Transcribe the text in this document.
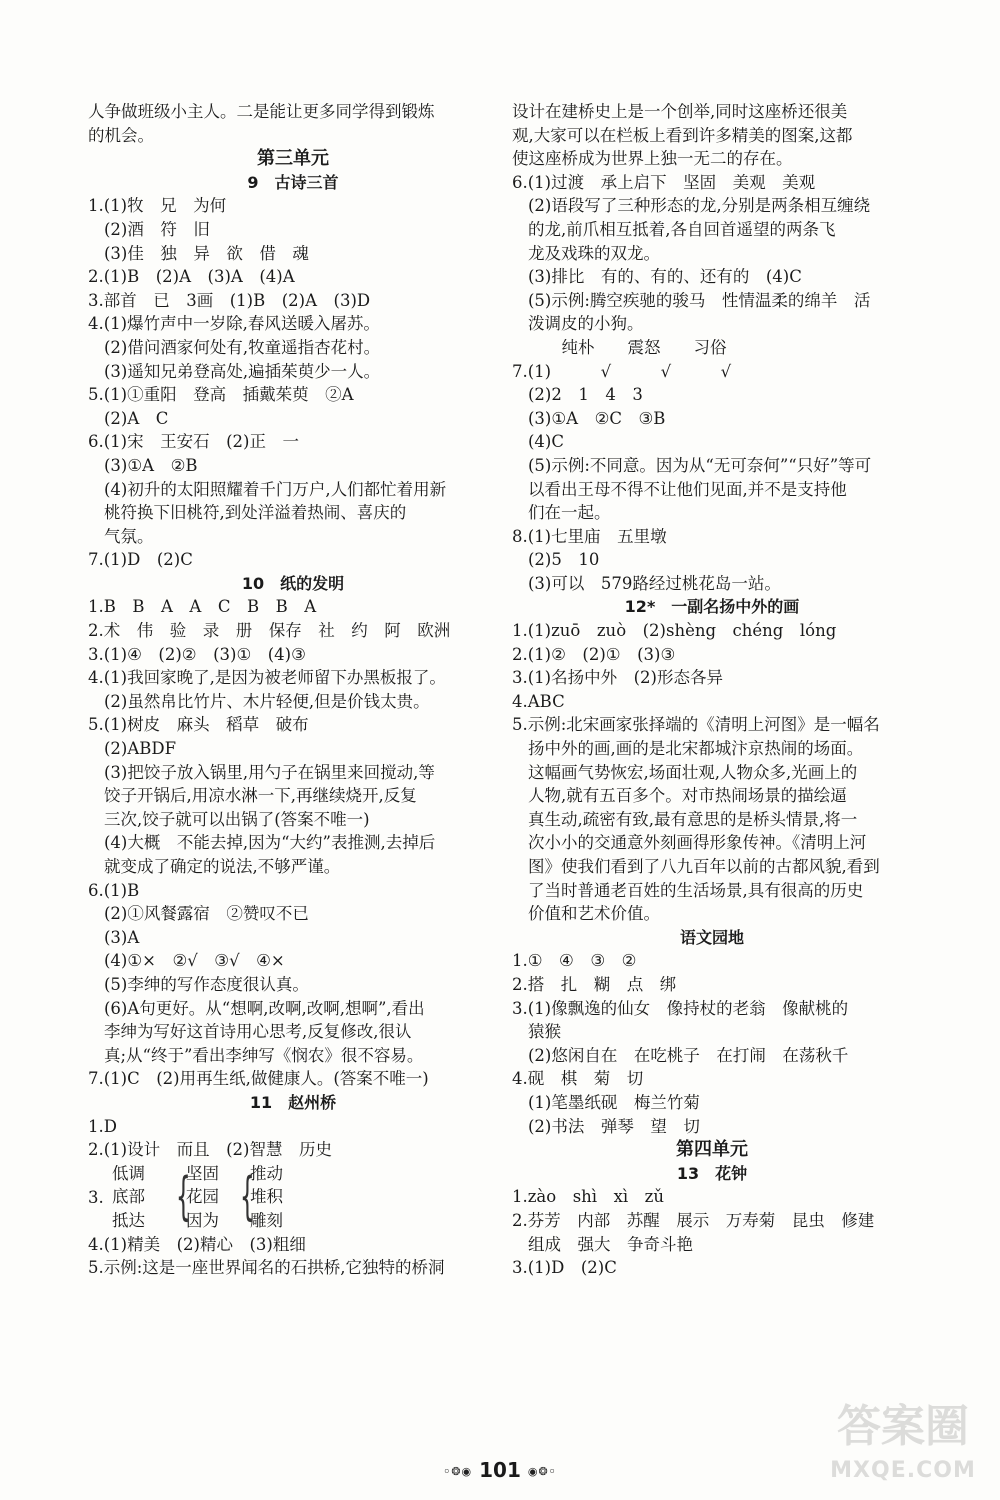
人争做班级小主人。二是能让更多同学得到锻炼
的机会。
第三单元
9　古诗三首
1.(1)牧　兄　为何
(2)酒　符　旧
(3)佳　独　异　欲　借　魂
2.(1)B　(2)A　(3)A　(4)A
3.部首　已　3画　(1)B　(2)A　(3)D
4.(1)爆竹声中一岁除,春风送暖入屠苏。
(2)借问酒家何处有,牧童遥指杏花村。
(3)遥知兄弟登高处,遍插茱萸少一人。
5.(1)①重阳　登高　插戴茱萸　②A
(2)A　C
6.(1)宋　王安石　(2)正　一
(3)①A　②B
(4)初升的太阳照耀着千门万户,人们都忙着用新
桃符换下旧桃符,到处洋溢着热闹、喜庆的
气氛。
7.(1)D　(2)C
10　纸的发明
1.B　B　A　A　C　B　B　A
2.术　伟　验　录　册　保存　社　约　阿　欧洲
3.(1)④　(2)②　(3)①　(4)③
4.(1)我回家晚了,是因为被老师留下办黑板报了。
(2)虽然帛比竹片、木片轻便,但是价钱太贵。
5.(1)树皮　麻头　稻草　破布
(2)ABDF
(3)把饺子放入锅里,用勺子在锅里来回搅动,等
饺子开锅后,用凉水淋一下,再继续烧开,反复
三次,饺子就可以出锅了(答案不唯一)
(4)大概　不能去掉,因为“大约”表推测,去掉后
就变成了确定的说法,不够严谨。
6.(1)B
(2)①风餐露宿　②赞叹不已
(3)A
(4)①×　②√　③√　④×
(5)李绅的写作态度很认真。
(6)A句更好。从“想啊,改啊,改啊,想啊”,看出
李绅为写好这首诗用心思考,反复修改,很认
真;从“终于”看出李绅写《悯农》很不容易。
7.(1)C　(2)用再生纸,做健康人。(答案不唯一)
11　赵州桥
1.D
2.(1)设计　而且　(2)智慧　历史
3.
低调
底部
抵达 {
坚固
花园
因为 {
推动
堆积
雕刻
4.(1)精美　(2)精心　(3)粗细
5.示例:这是一座世界闻名的石拱桥,它独特的桥洞
设计在建桥史上是一个创举,同时这座桥还很美
观,大家可以在栏板上看到许多精美的图案,这都
使这座桥成为世界上独一无二的存在。
6.(1)过渡　承上启下　坚固　美观　美观
(2)语段写了三种形态的龙,分别是两条相互缠绕
的龙,前爪相互抵着,各自回首遥望的两条飞
龙及戏珠的双龙。
(3)排比　有的、有的、还有的　(4)C
(5)示例:腾空疾驰的骏马　性情温柔的绵羊　活
泼调皮的小狗。
　　　纯朴　　震怒　　习俗
7.(1)　　　√　　　√　　　√
(2)2　1　4　3
(3)①A　②C　③B
(4)C
(5)示例:不同意。因为从“无可奈何”“只好”等可
以看出王母不得不让他们见面,并不是支持他
们在一起。
8.(1)七里庙　五里墩
(2)5　10
(3)可以　579路经过桃花岛一站。
12*　一副名扬中外的画
1.(1)zuō　zuò　(2)shèng　chéng　lóng
2.(1)②　(2)①　(3)③
3.(1)名扬中外　(2)形态各异
4.ABC
5.示例:北宋画家张择端的《清明上河图》是一幅名
扬中外的画,画的是北宋都城汴京热闹的场面。
这幅画气势恢宏,场面壮观,人物众多,光画上的
人物,就有五百多个。对市热闹场景的描绘逼
真生动,疏密有致,最有意思的是桥头情景,将一
次小小的交通意外刻画得形象传神。《清明上河
图》使我们看到了八九百年以前的古都风貌,看到
了当时普通老百姓的生活场景,具有很高的历史
价值和艺术价值。
语文园地
1.①　④　③　②
2.搭　扎　糊　点　绑
3.(1)像飘逸的仙女　像持杖的老翁　像献桃的
猿猴
(2)悠闲自在　在吃桃子　在打闹　在荡秋千
4.砚　棋　菊　切
(1)笔墨纸砚　梅兰竹菊
(2)书法　弹琴　望　切
第四单元
13　花钟
1.zào　shì　xì　zǔ
2.芬芳　内部　苏醒　展示　万寿菊　昆虫　修建
组成　强大　争奇斗艳
3.(1)D　(2)C
◦❂◉ 101 ◉❂◦
答案圈
MXQE.COM
